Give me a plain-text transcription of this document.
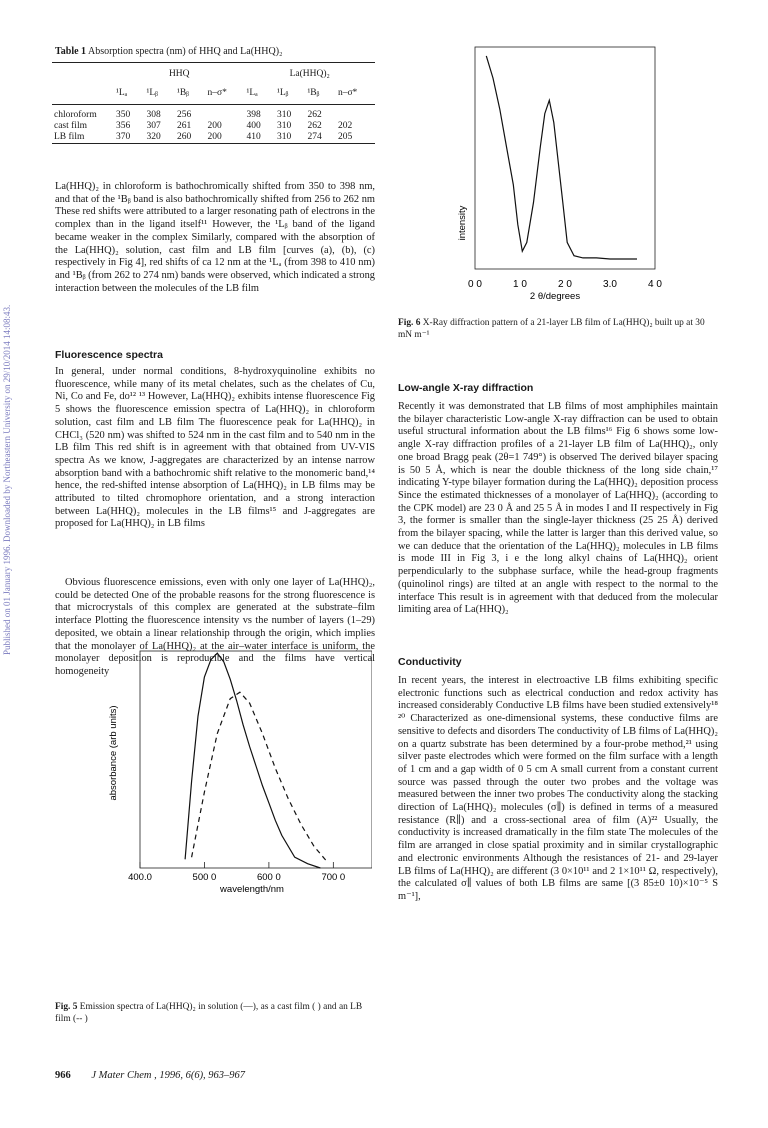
Published on 01 January 1996. Downloaded by Northeastern University on 29/10/2014 14:08:43.
Table 1 Absorption spectra (nm) of HHQ and La(HHQ)₂
	HHQ				La(HHQ)₂			
	¹Lₐ	¹Lᵦ	¹Bᵦ	n–σ*	¹Lₐ	¹Lᵦ	¹Bᵦ	n–σ*
chloroform	350	308	256		398	310	262	
cast film	356	307	261	200	400	310	262	202
LB film	370	320	260	200	410	310	274	205
La(HHQ)₂ in chloroform is bathochromically shifted from 350 to 398 nm, and that of the ¹Bᵦ band is also bathochromically shifted from 256 to 262 nm These red shifts were attributed to a larger resonating path of electrons in the complex than in the ligand itself¹¹ However, the ¹Lᵦ band of the ligand became weaker in the complex Similarly, compared with the absorption of the La(HHQ)₂ solution, cast film and LB film [curves (a), (b), (c) respectively in Fig 4], red shifts of ca 12 nm at the ¹Lₐ (from 398 to 410 nm) and ¹Bᵦ (from 262 to 274 nm) bands were observed, which indicated a strong interaction between the molecules of the LB film
Fluorescence spectra
In general, under normal conditions, 8-hydroxyquinoline exhibits no fluorescence, while many of its metal chelates, such as the chelates of Cu, Ni, Co and Fe, do¹² ¹³ However, La(HHQ)₂ exhibits intense fluorescence Fig 5 shows the fluorescence emission spectra of La(HHQ)₂ in chloroform solution, cast film and LB film The fluorescence peak for La(HHQ)₂ in CHCl₃ (520 nm) was shifted to 524 nm in the cast film and to 540 nm in the LB film This red shift is in agreement with that obtained from UV-VIS spectra As we know, J-aggregates are characterized by an intense narrow absorption band with a bathochromic shift relative to the monomeric band,¹⁴ hence, the red-shifted intense absorption of La(HHQ)₂ in LB films may be attributed to tilted chromophore orientation, and a strong interaction between La(HHQ)₂ molecules in the LB films¹⁵ and J-aggregates are proposed for La(HHQ)₂ in LB films
Obvious fluorescence emissions, even with only one layer of La(HHQ)₂, could be detected One of the probable reasons for the strong fluorescence is that microcrystals of this complex are generated at the substrate–film interface Plotting the fluorescence intensity vs the number of layers (1–29) deposited, we obtain a linear relationship through the origin, which implies that the monolayer of La(HHQ)₂ at the air–water interface is uniform, the monolayer deposition is reproducible and the films have vertical homogeneity
400.0	500 0	600 0	700 0
wavelength/nm
absorbance (arb units)
Fig. 5 Emission spectra of La(HHQ)₂ in solution (—), as a cast film ( ) and an LB film (-- )
intensity
0 0	1 0	2 0	3.0	4 0
2 θ/degrees
Fig. 6 X-Ray diffraction pattern of a 21-layer LB film of La(HHQ)₂ built up at 30 mN m⁻¹
Low-angle X-ray diffraction
Recently it was demonstrated that LB films of most amphiphiles maintain the bilayer characteristic Low-angle X-ray diffraction can be used to obtain useful structural information about the LB films¹⁶ Fig 6 shows some low-angle X-ray diffraction profiles of a 21-layer LB film of La(HHQ)₂, only one broad Bragg peak (2θ=1 749°) is observed The derived bilayer spacing is 50 5 Å, which is near the double thickness of the long side chain,¹⁷ indicating Y-type bilayer formation during the La(HHQ)₂ deposition process Since the estimated thicknesses of a monolayer of La(HHQ)₂ (according to the CPK model) are 23 0 Å and 25 5 Å in modes I and II respectively in Fig 3, the former is smaller than the single-layer thickness (25 25 Å) derived from the bilayer spacing, while the latter is larger than this derived value, so we can deduce that the orientation of the La(HHQ)₂ molecules in LB films is mode III in Fig 3, i e the long alkyl chains of La(HHQ)₂ orient perpendicularly to the subphase surface, while the head-group fragments (quinolinol rings) are tilted at an angle with respect to the normal to the interface This result is in agreement with that deduced from the molecular limiting area of La(HHQ)₂
Conductivity
In recent years, the interest in electroactive LB films exhibiting specific electronic functions such as electrical conduction and redox activity has increased considerably Conductive LB films have been studied extensively¹⁸ ²⁰ Characterized as one-dimensional systems, these conductive films are sensitive to defects and disorders The conductivity of LB films of La(HHQ)₂ on a quartz substrate has been determined by a four-probe method,²¹ using silver paste electrodes which were formed on the film surface with a length of 1 cm and a gap width of 0 5 cm A small current from a constant current source was passed through the outer two probes and the voltage was measured between the inner two probes The conductivity along the stacking direction of La(HHQ)₂ molecules (σ∥) is defined in terms of a measured resistance (R∥) and a cross-sectional area of film (A)²² Usually, the conductivity is increased dramatically in the film state The molecules of the film are arranged in close spatial proximity and in similar crystallographic and electronic environments Although the resistances of 21- and 29-layer LB films of La(HHQ)₂ are different (3 0×10¹¹ and 2 1×10¹¹ Ω, respectively), the calculated σ∥ values of both LB films are same [(3 85±0 10)×10⁻⁵ S m⁻¹],
966 J Mater Chem , 1996, 6(6), 963–967
